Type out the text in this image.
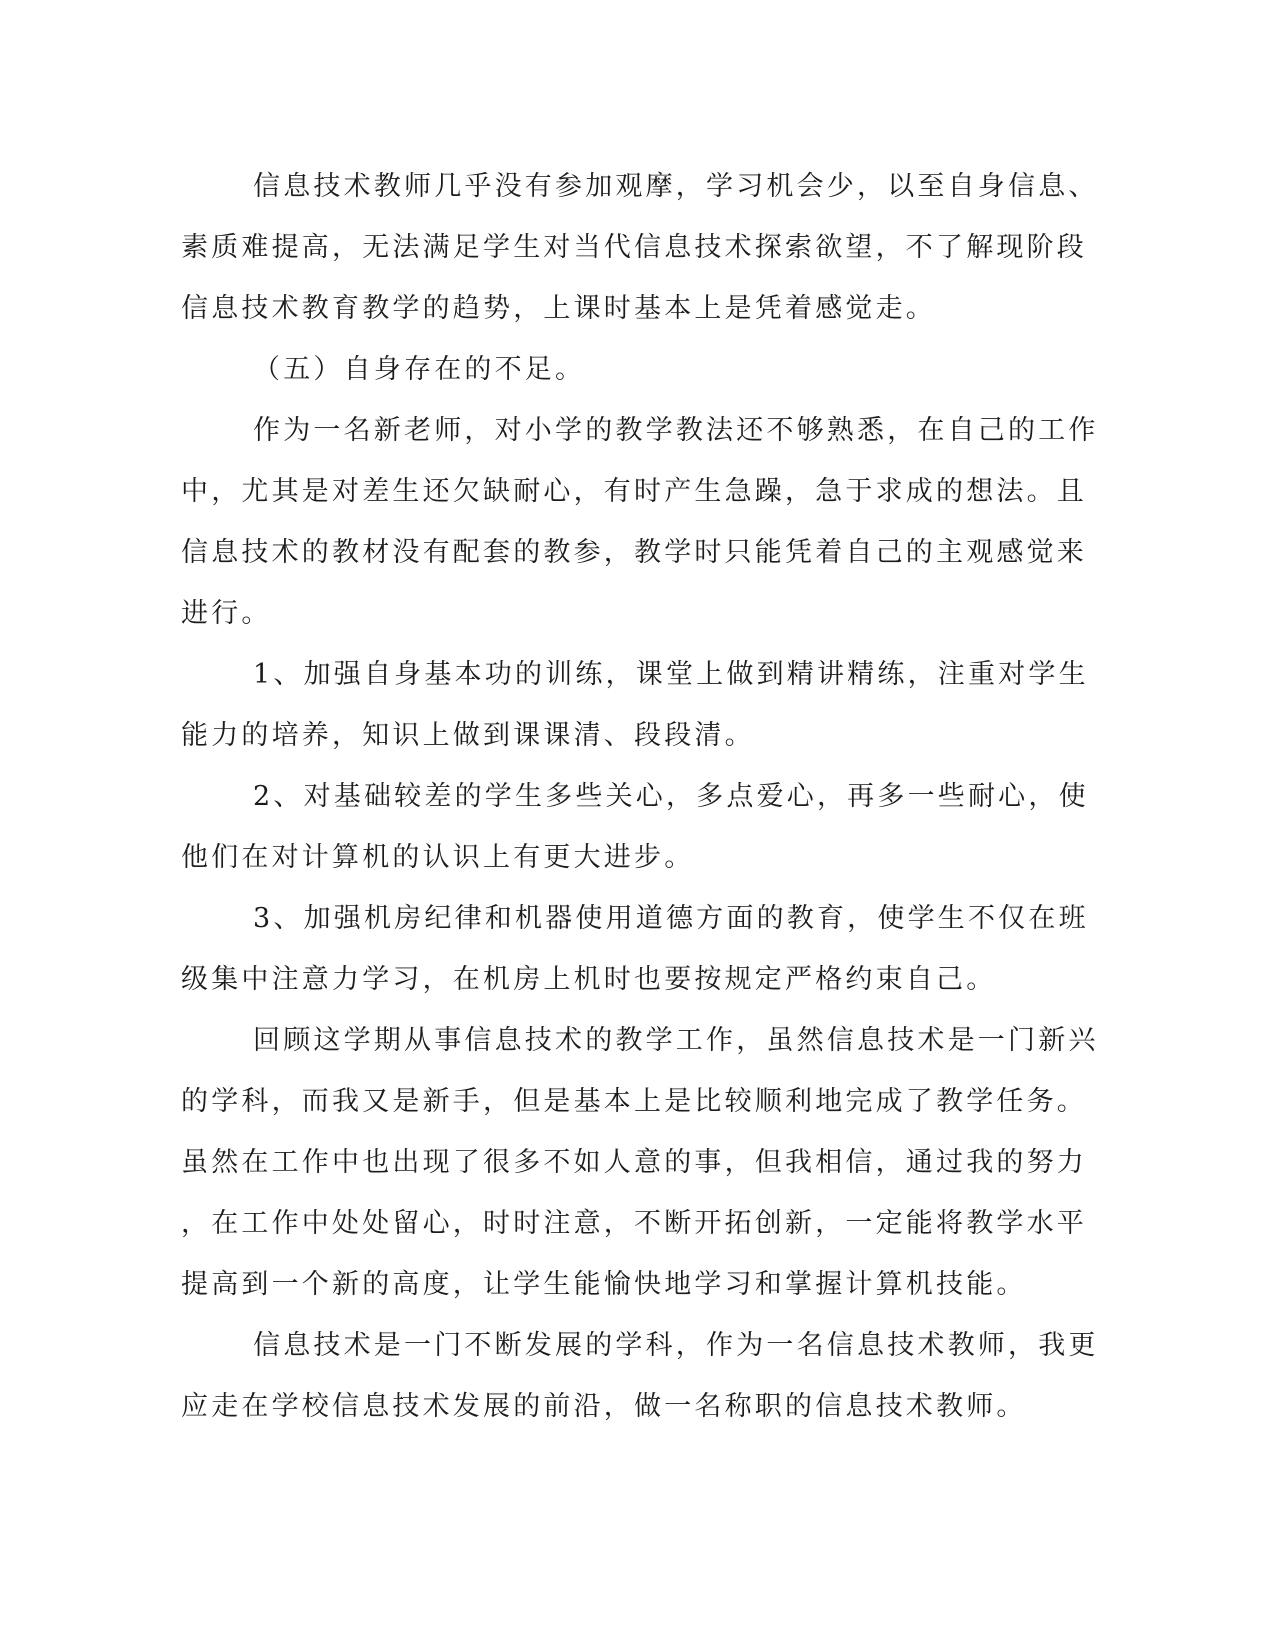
信息技术教师几乎没有参加观摩，学习机会少，以至自身信息、
素质难提高，无法满足学生对当代信息技术探索欲望，不了解现阶段
信息技术教育教学的趋势，上课时基本上是凭着感觉走。
（五）自身存在的不足。
作为一名新老师，对小学的教学教法还不够熟悉，在自己的工作
中，尤其是对差生还欠缺耐心，有时产生急躁，急于求成的想法。且
信息技术的教材没有配套的教参，教学时只能凭着自己的主观感觉来
进行。
1、加强自身基本功的训练，课堂上做到精讲精练，注重对学生
能力的培养，知识上做到课课清、段段清。
2、对基础较差的学生多些关心，多点爱心，再多一些耐心，使
他们在对计算机的认识上有更大进步。
3、加强机房纪律和机器使用道德方面的教育，使学生不仅在班
级集中注意力学习，在机房上机时也要按规定严格约束自己。
回顾这学期从事信息技术的教学工作，虽然信息技术是一门新兴
的学科，而我又是新手，但是基本上是比较顺利地完成了教学任务。
虽然在工作中也出现了很多不如人意的事，但我相信，通过我的努力
，在工作中处处留心，时时注意，不断开拓创新，一定能将教学水平
提高到一个新的高度，让学生能愉快地学习和掌握计算机技能。
信息技术是一门不断发展的学科，作为一名信息技术教师，我更
应走在学校信息技术发展的前沿，做一名称职的信息技术教师。
